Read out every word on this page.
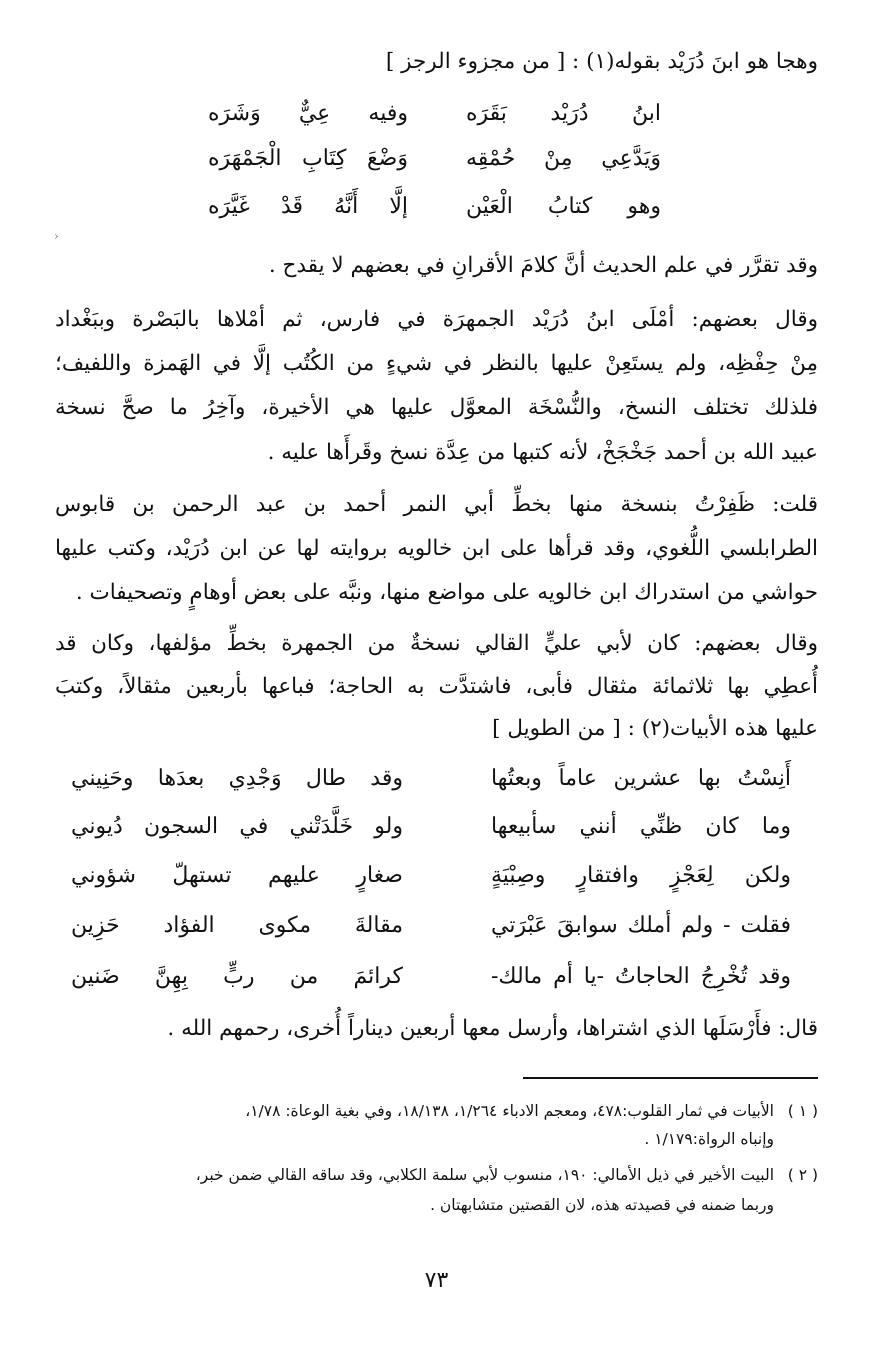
وهجا هو ابنَ دُرَيْد بقوله(١) : [ من مجزوء الرجز ]
ابنُ دُرَيْد بَقَرَه
وفيه عِيٌّ وَشَرَه
وَيَدَّعِي مِنْ حُمْقِه
وَضْعَ كِتَابِ الْجَمْهَرَه
وهو كتابُ الْعَيْن
إلَّا أَنَّهُ قَدْ غَيَّرَه
›
وقد تقرَّر في علم الحديث أنَّ كلامَ الأقرانِ في بعضهم لا يقدح .
وقال بعضهم: أمْلَى ابنُ دُرَيْد الجمهرَة في فارس، ثم أمْلاها بالبَصْرة وببَغْداد
مِنْ حِفْظِه، ولم يستَعِنْ عليها بالنظر في شيءٍ من الكُتُب إلَّا في الهَمزة واللفيف؛
فلذلك تختلف النسخ، والنُّسْخَة المعوَّل عليها هي الأخيرة، وآخِرُ ما صحَّ نسخة
عبيد الله بن أحمد جَخْجَخْ، لأنه كتبها من عِدَّة نسخ وقَرأَها عليه .
قلت: ظَفِرْتُ بنسخة منها بخطِّ أبي النمر أحمد بن عبد الرحمن بن قابوس
الطرابلسي اللُّغوي، وقد قرأها على ابن خالويه بروايته لها عن ابن دُرَيْد، وكتب عليها
حواشي من استدراك ابن خالويه على مواضع منها، ونبَّه على بعض أوهامٍ وتصحيفات .
وقال بعضهم: كان لأبي عليٍّ القالي نسخةٌ من الجمهرة بخطِّ مؤلفها، وكان قد
أُعطِي بها ثلاثمائة مثقال فأبى، فاشتدَّت به الحاجة؛ فباعها بأربعين مثقالاً، وكتبَ
عليها هذه الأبيات(٢) : [ من الطويل ]
أَنِسْتُ بها عشرين عاماً وبعتُها
وقد طال وَجْدِي بعدَها وحَنِيني
وما كان ظنِّي أنني سأبيعها
ولو خَلَّدَتْني في السجون دُيوني
ولكن لِعَجْزٍ وافتقارٍ وصِبْيَةٍ
صغارٍ عليهم تستهلّ شؤوني
فقلت - ولم أملك سوابقَ عَبْرَتي
مقالةَ مكوى الفؤاد حَزِين
وقد تُخْرِجُ الحاجاتُ -يا أم مالك-
كرائمَ من ربٍّ بِهِنَّ ضَنين
قال: فأَرْسَلَها الذي اشتراها، وأرسل معها أربعين ديناراً أُخرى، رحمهم الله .
( ١ )الأبيات في ثمار القلوب:٤٧٨، ومعجم الادباء ١/٢٦٤، ١٨/١٣٨، وفي بغية الوعاة: ١/٧٨،
وإنباه الرواة:١/١٧٩ .
( ٢ )البيت الأخير في ذيل الأمالي: ١٩٠، منسوب لأبي سلمة الكلابي، وقد ساقه القالي ضمن خبر،
وربما ضمنه في قصيدته هذه، لان القصتين متشابهتان .
٧٣
